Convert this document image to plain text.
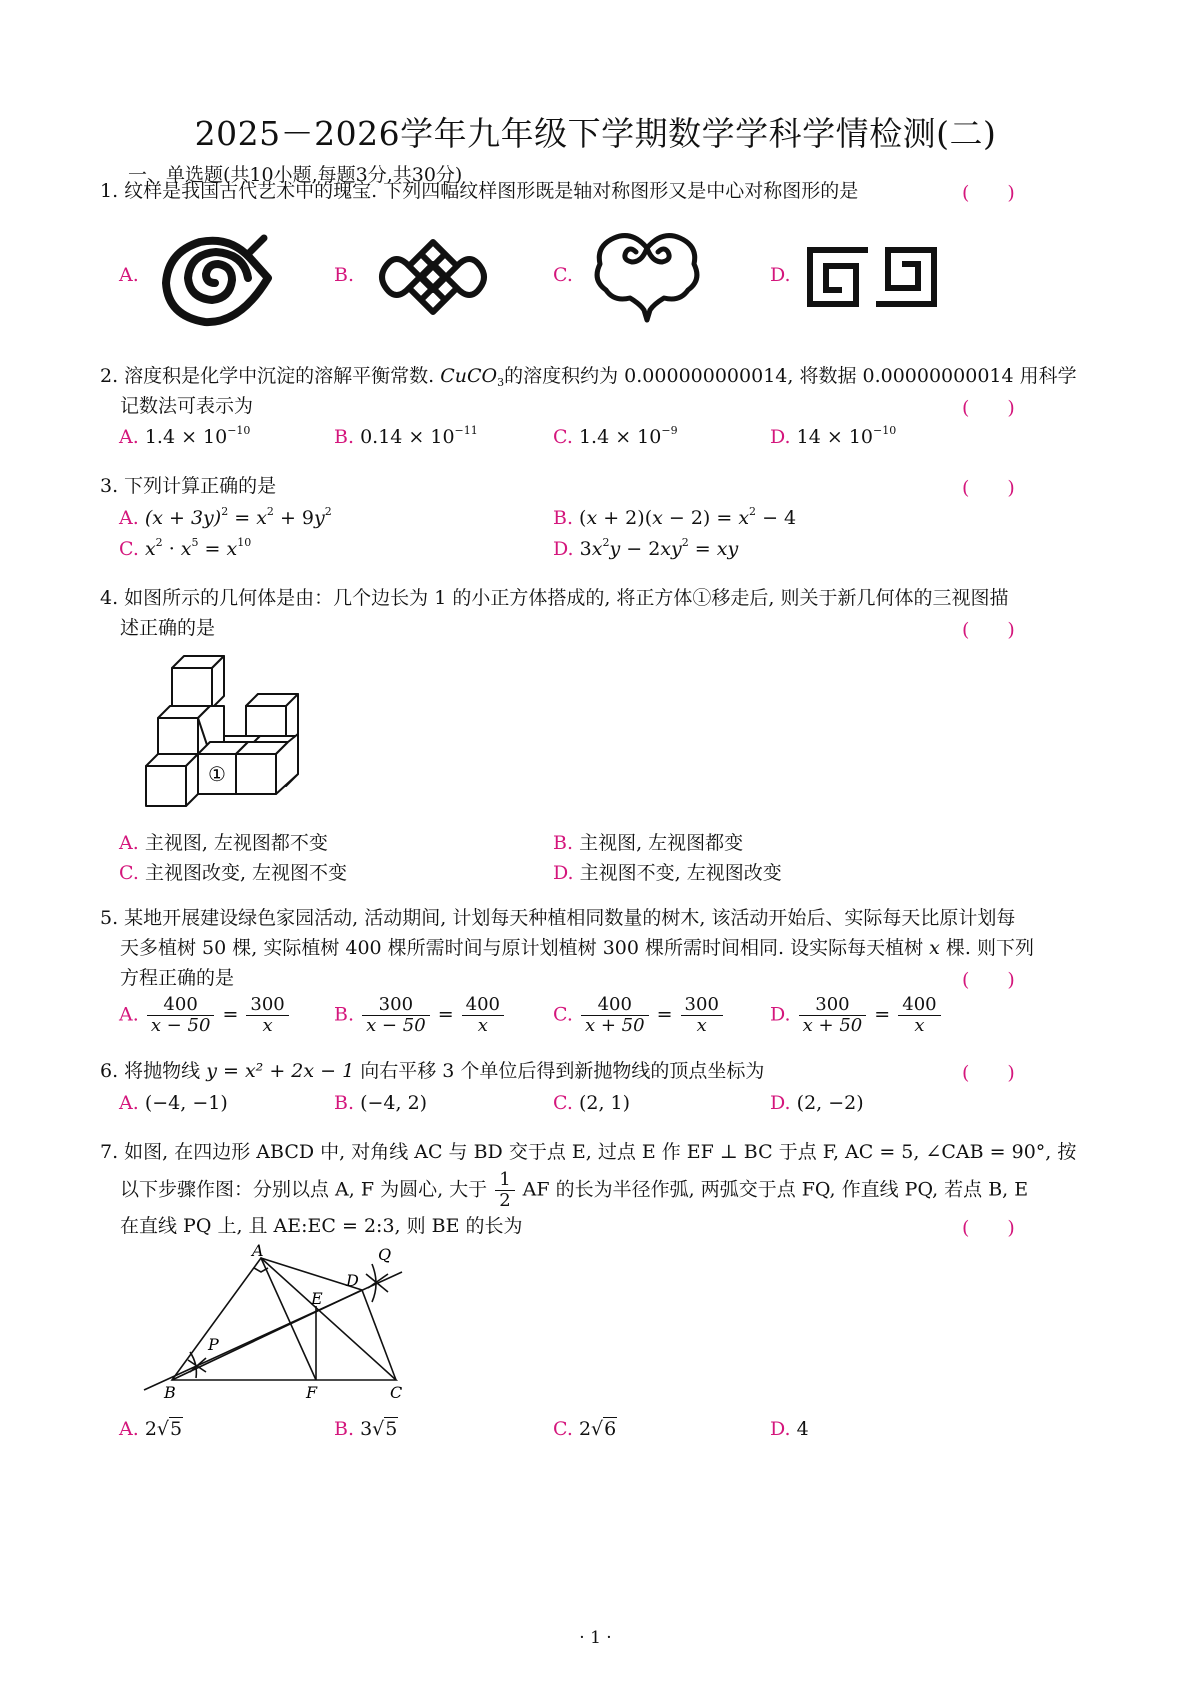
2025－2026学年九年级下学期数学学科学情检测(二)
一、单选题(共10小题,每题3分,共30分)
1. 纹样是我国古代艺术中的瑰宝. 下列四幅纹样图形既是轴对称图形又是中心对称图形的是	(　　)
A.	B.	C.	D.
2. 溶度积是化学中沉淀的溶解平衡常数. CuCO$_3$的溶度积约为 0.000000000014, 将数据 0.00000000014 用科学
记数法可表示为	(　　)
A. $1.4 \times 10^{-10}$	B. $0.14 \times 10^{-11}$	C. $1.4 \times 10^{-9}$	D. $14 \times 10^{-10}$
3. 下列计算正确的是	(　　)
A. $(x + 3y)^2 = x^2 + 9y^2$	B. $(x + 2)(x - 2) = x^2 - 4$
C. $x^2 \cdot x^5 = x^{10}$	D. $3x^2y - 2xy^2$ = xy
4. 如图所示的几何体是由：几个边长为 1 的小正方体搭成的, 将正方体①移走后, 则关于新几何体的三视图描
述正确的是	(　　)
①
A. 主视图, 左视图都不变	B. 主视图, 左视图都变
C. 主视图改变, 左视图不变	D. 主视图不变, 左视图改变
5. 某地开展建设绿色家园活动, 活动期间, 计划每天种植相同数量的树木, 该活动开始后、实际每天比原计划每
天多植树 50 棵, 实际植树 400 棵所需时间与原计划植树 300 棵所需时间相同. 设实际每天植树 x 棵. 则下列
方程正确的是	(　　)
A. $\frac{400}{x - 50} = \frac{300}{x} B$. $\frac{300}{x - 50} = \frac{400}{x}$	C. $\frac{400}{x + 50} = \frac{300}{x} D$. $\frac{300}{x + 50} = \frac{400}{x}$
6. 将抛物线 y = x² + 2x − 1 向右平移 3 个单位后得到新抛物线的顶点坐标为	(　　)
A. (−4, −1)	B. (−4, 2)	C. (2, 1)	D. (2, −2)
7. 如图, 在四边形 ABCD 中, 对角线 AC 与 BD 交于点 E, 过点 E 作 EF ⊥ BC 于点 F, AC = 5, ∠CAB = 90°, 按
以下步骤作图：分别以点 A, F 为圆心, 大于 $\frac{1}{2}$ AF 的长为半径作弧, 两弧交于点 FQ, 作直线 PQ, 若点 B, E
在直线 PQ 上, 且 AE:EC = 2:3, 则 BE 的长为	(　　)
A
B	C
D
E
F
P
Q
A. 2√5	B. 3√5	C. 2√6	D. 4
· 1 ·
